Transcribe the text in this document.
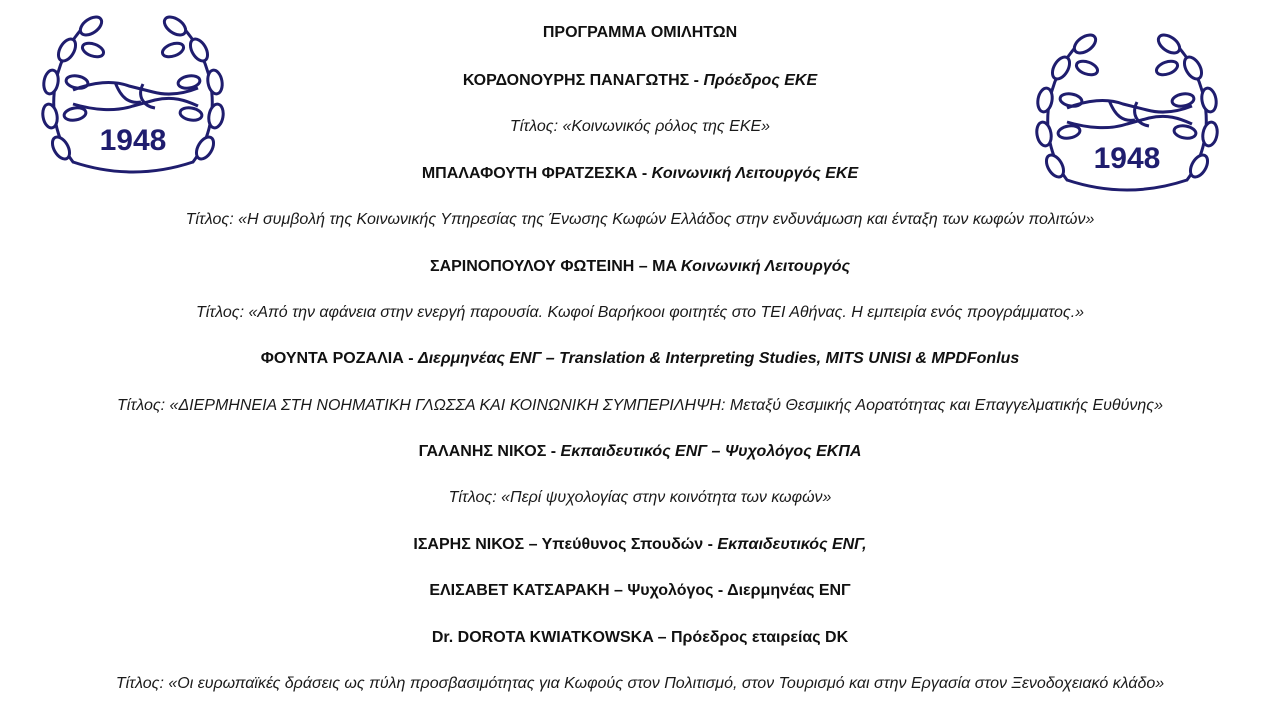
1948
1948
ΠΡΟΓΡΑΜΜΑ ΟΜΙΛΗΤΩΝ
ΚΟΡΔΟΝΟΥΡΗΣ ΠΑΝΑΓΩΤΗΣ - Πρόεδρος ΕΚΕ
Τίτλος: «Κοινωνικός ρόλος της ΕΚΕ»
ΜΠΑΛΑΦΟΥΤΗ ΦΡΑΤΖΕΣΚΑ - Κοινωνική Λειτουργός ΕΚΕ
Τίτλος: «Η συμβολή της Κοινωνικής Υπηρεσίας της Ένωσης Κωφών Ελλάδος στην ενδυνάμωση και ένταξη των κωφών πολιτών»
ΣΑΡΙΝΟΠΟΥΛΟΥ ΦΩΤΕΙΝΗ – MA Κοινωνική Λειτουργός
Τίτλος: «Από την αφάνεια στην ενεργή παρουσία. Κωφοί Βαρήκοοι φοιτητές στο ΤΕΙ Αθήνας. Η εμπειρία ενός προγράμματος.»
ΦΟΥΝΤΑ ΡΟΖΑΛΙΑ - Διερμηνέας ΕΝΓ – Translation & Interpreting Studies, MITS UNISI & MPDFonlus
Τίτλος: «ΔΙΕΡΜΗΝΕΙΑ ΣΤΗ ΝΟΗΜΑΤΙΚΗ ΓΛΩΣΣΑ ΚΑΙ ΚΟΙΝΩΝΙΚΗ ΣΥΜΠΕΡΙΛΗΨΗ: Μεταξύ Θεσμικής Αορατότητας και Επαγγελματικής Ευθύνης»
ΓΑΛΑΝΗΣ ΝΙΚΟΣ - Εκπαιδευτικός ΕΝΓ – Ψυχολόγος ΕΚΠΑ
Τίτλος: «Περί ψυχολογίας στην κοινότητα των κωφών»
ΙΣΑΡΗΣ ΝΙΚΟΣ – Υπεύθυνος Σπουδών - Εκπαιδευτικός ΕΝΓ,
ΕΛΙΣΑΒΕΤ ΚΑΤΣΑΡΑΚΗ – Ψυχολόγος - Διερμηνέας ΕΝΓ
Dr. DOROTA KWIATKOWSKA – Πρόεδρος εταιρείας DK
Τίτλος: «Οι ευρωπαϊκές δράσεις ως πύλη προσβασιμότητας για Κωφούς στον Πολιτισμό, στον Τουρισμό και στην Εργασία στον Ξενοδοχειακό κλάδο»
